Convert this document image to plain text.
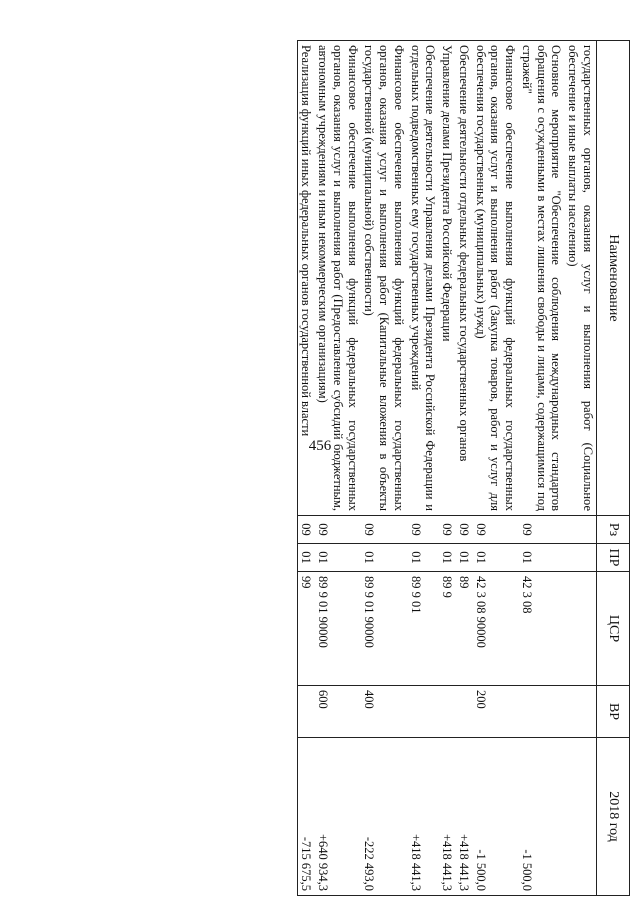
456
Наименование	Рз	ПР	ЦСР	ВР	2018 год
государственных органов, оказания услуг и выполнения работ (Социальное обеспечение и иные выплаты населению)					
Основное мероприятие "Обеспечение соблюдения международных стандартов обращения с осужденными в местах лишения свободы и лицами, содержащимися под стражей"	09	01	42 3 08		-1 500,0
Финансовое обеспечение выполнения функций федеральных государственных органов, оказания услуг и выполнения работ (Закупка товаров, работ и услуг для обеспечения государственных (муниципальных) нужд)	09	01	42 3 08 90000	200	-1 500,0
Обеспечение деятельности отдельных федеральных государственных органов	09	01	89		+418 441,3
Управление делами Президента Российской Федерации	09	01	89 9		+418 441,3
Обеспечение деятельности Управления делами Президента Российской Федерации и отдельных подведомственных ему государственных учреждений	09	01	89 9 01		+418 441,3
Финансовое обеспечение выполнения функций федеральных государственных органов, оказания услуг и выполнения работ (Капитальные вложения в объекты государственной (муниципальной) собственности)	09	01	89 9 01 90000	400	-222 493,0
Финансовое обеспечение выполнения функций федеральных государственных органов, оказания услуг и выполнения работ (Предоставление субсидий бюджетным, автономным учреждениям и иным некоммерческим организациям)	09	01	89 9 01 90000	600	+640 934,3
Реализация функций иных федеральных органов государственной власти	09	01	99		-715 675,5
